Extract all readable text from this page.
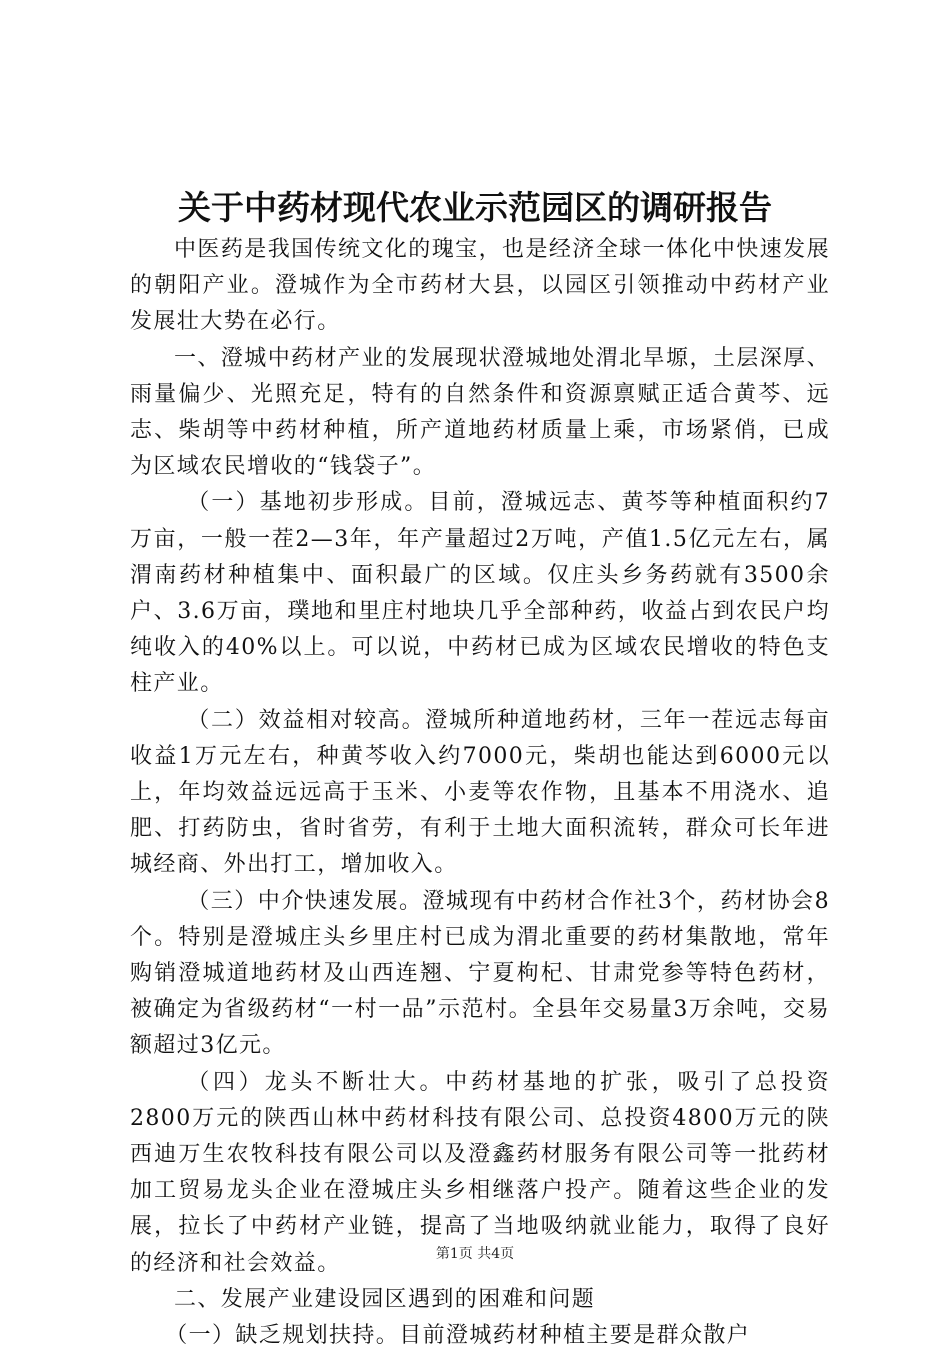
关于中药材现代农业示范园区的调研报告

中医药是我国传统文化的瑰宝，也是经济全球一体化中快速发展的朝阳产业。澄城作为全市药材大县，以园区引领推动中药材产业发展壮大势在必行。

一、澄城中药材产业的发展现状澄城地处渭北旱塬，土层深厚、雨量偏少、光照充足，特有的自然条件和资源禀赋正适合黄芩、远志、柴胡等中药材种植，所产道地药材质量上乘，市场紧俏，已成为区域农民增收的“钱袋子”。

（一）基地初步形成。目前，澄城远志、黄芩等种植面积约7万亩，一般一茬2—3年，年产量超过2万吨，产值1.5亿元左右，属渭南药材种植集中、面积最广的区域。仅庄头乡务药就有3500余户、3.6万亩，璞地和里庄村地块几乎全部种药，收益占到农民户均纯收入的40%以上。可以说，中药材已成为区域农民增收的特色支柱产业。

（二）效益相对较高。澄城所种道地药材，三年一茬远志每亩收益1万元左右，种黄芩收入约7000元，柴胡也能达到6000元以上，年均效益远远高于玉米、小麦等农作物，且基本不用浇水、追肥、打药防虫，省时省劳，有利于土地大面积流转，群众可长年进城经商、外出打工，增加收入。

（三）中介快速发展。澄城现有中药材合作社3个，药材协会8个。特别是澄城庄头乡里庄村已成为渭北重要的药材集散地，常年购销澄城道地药材及山西连翘、宁夏枸杞、甘肃党参等特色药材，被确定为省级药材“一村一品”示范村。全县年交易量3万余吨，交易额超过3亿元。

（四）龙头不断壮大。中药材基地的扩张，吸引了总投资2800万元的陕西山林中药材科技有限公司、总投资4800万元的陕西迪万生农牧科技有限公司以及澄鑫药材服务有限公司等一批药材加工贸易龙头企业在澄城庄头乡相继落户投产。随着这些企业的发展，拉长了中药材产业链，提高了当地吸纳就业能力，取得了良好的经济和社会效益。

二、发展产业建设园区遇到的困难和问题

（一）缺乏规划扶持。目前澄城药材种植主要是群众散户

第1页 共4页
